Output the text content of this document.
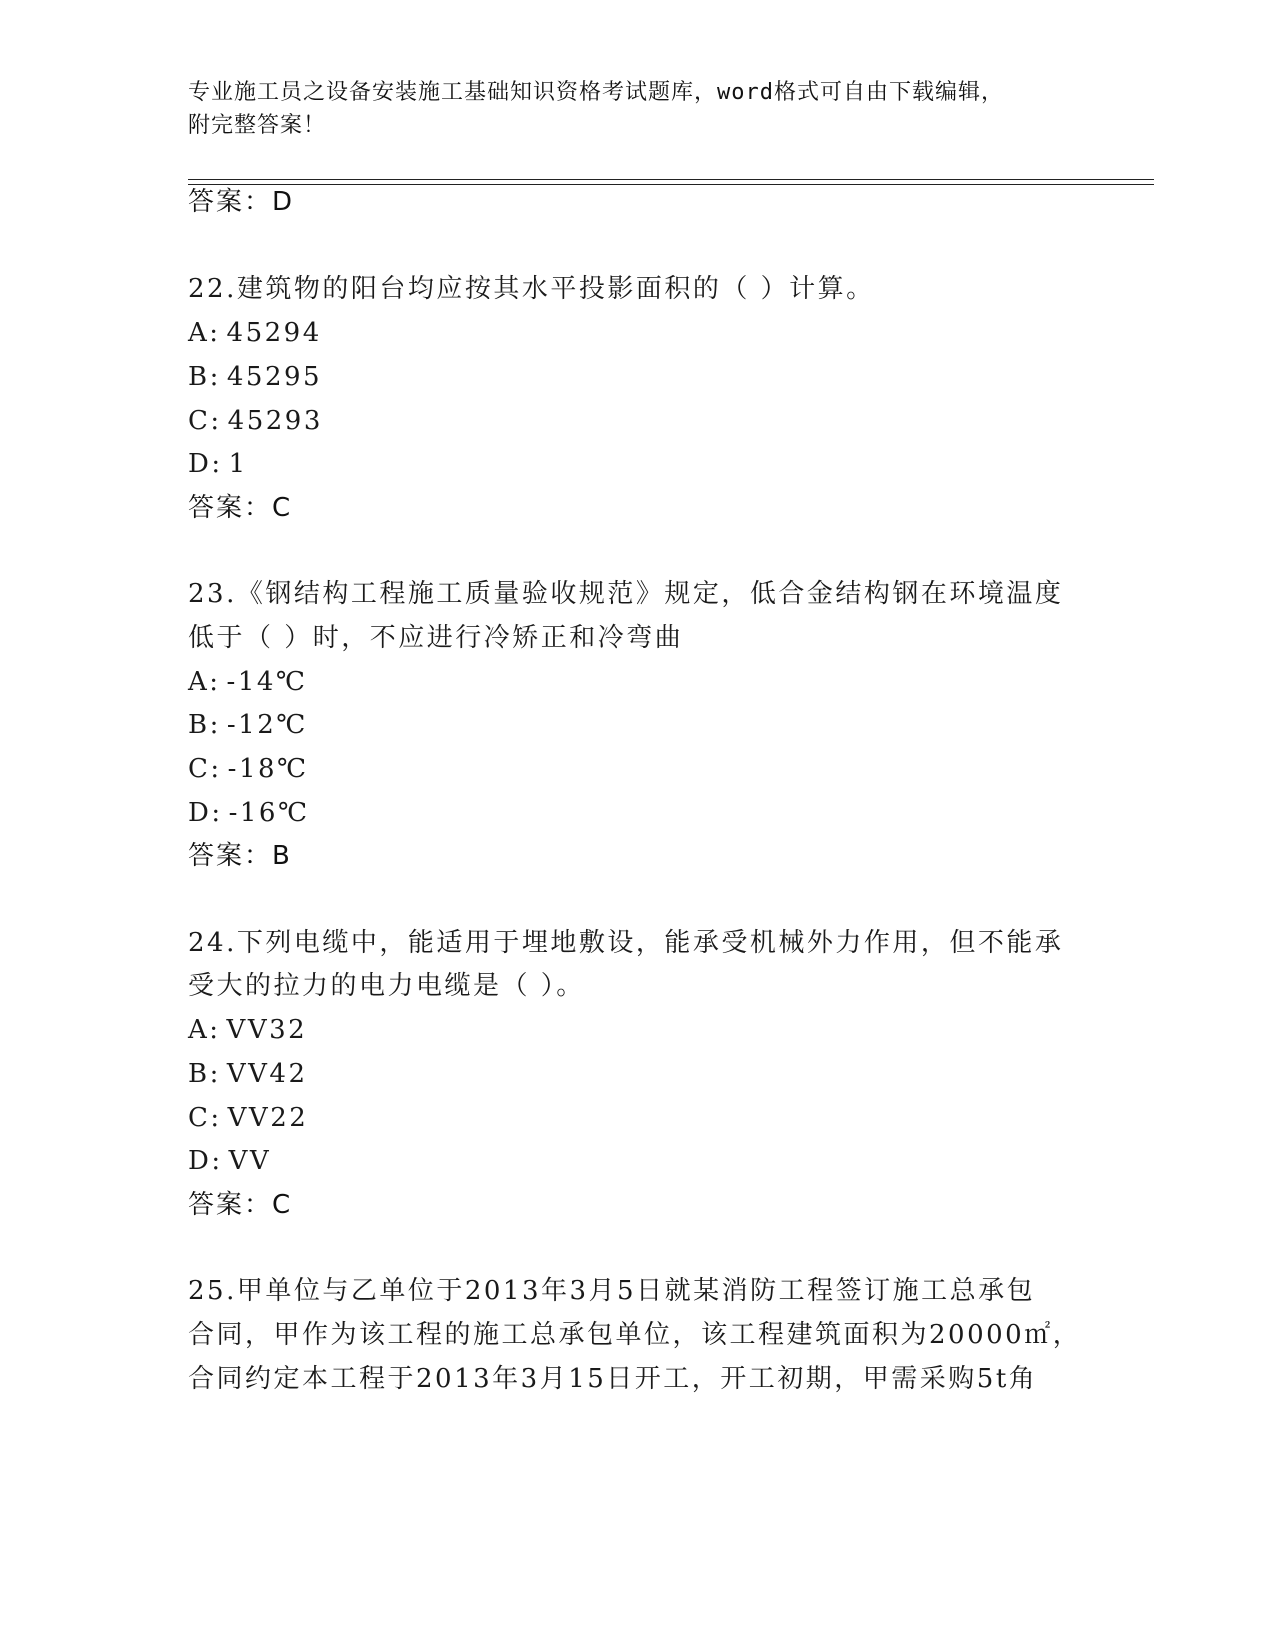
专业施工员之设备安装施工基础知识资格考试题库，word格式可自由下载编辑，
附完整答案！
答案：D
22.建筑物的阳台均应按其水平投影面积的（ ）计算。
A: 45294
B: 45295
C: 45293
D: 1
答案：C
23.《钢结构工程施工质量验收规范》规定，低合金结构钢在环境温度
低于（ ）时，不应进行冷矫正和冷弯曲
A: -14℃
B: -12℃
C: -18℃
D: -16℃
答案：B
24.下列电缆中，能适用于埋地敷设，能承受机械外力作用，但不能承
受大的拉力的电力电缆是（ ）。
A: VV32
B: VV42
C: VV22
D: VV
答案：C
25.甲单位与乙单位于2013年3月5日就某消防工程签订施工总承包
合同，甲作为该工程的施工总承包单位，该工程建筑面积为20000㎡，
合同约定本工程于2013年3月15日开工，开工初期，甲需采购5t角
